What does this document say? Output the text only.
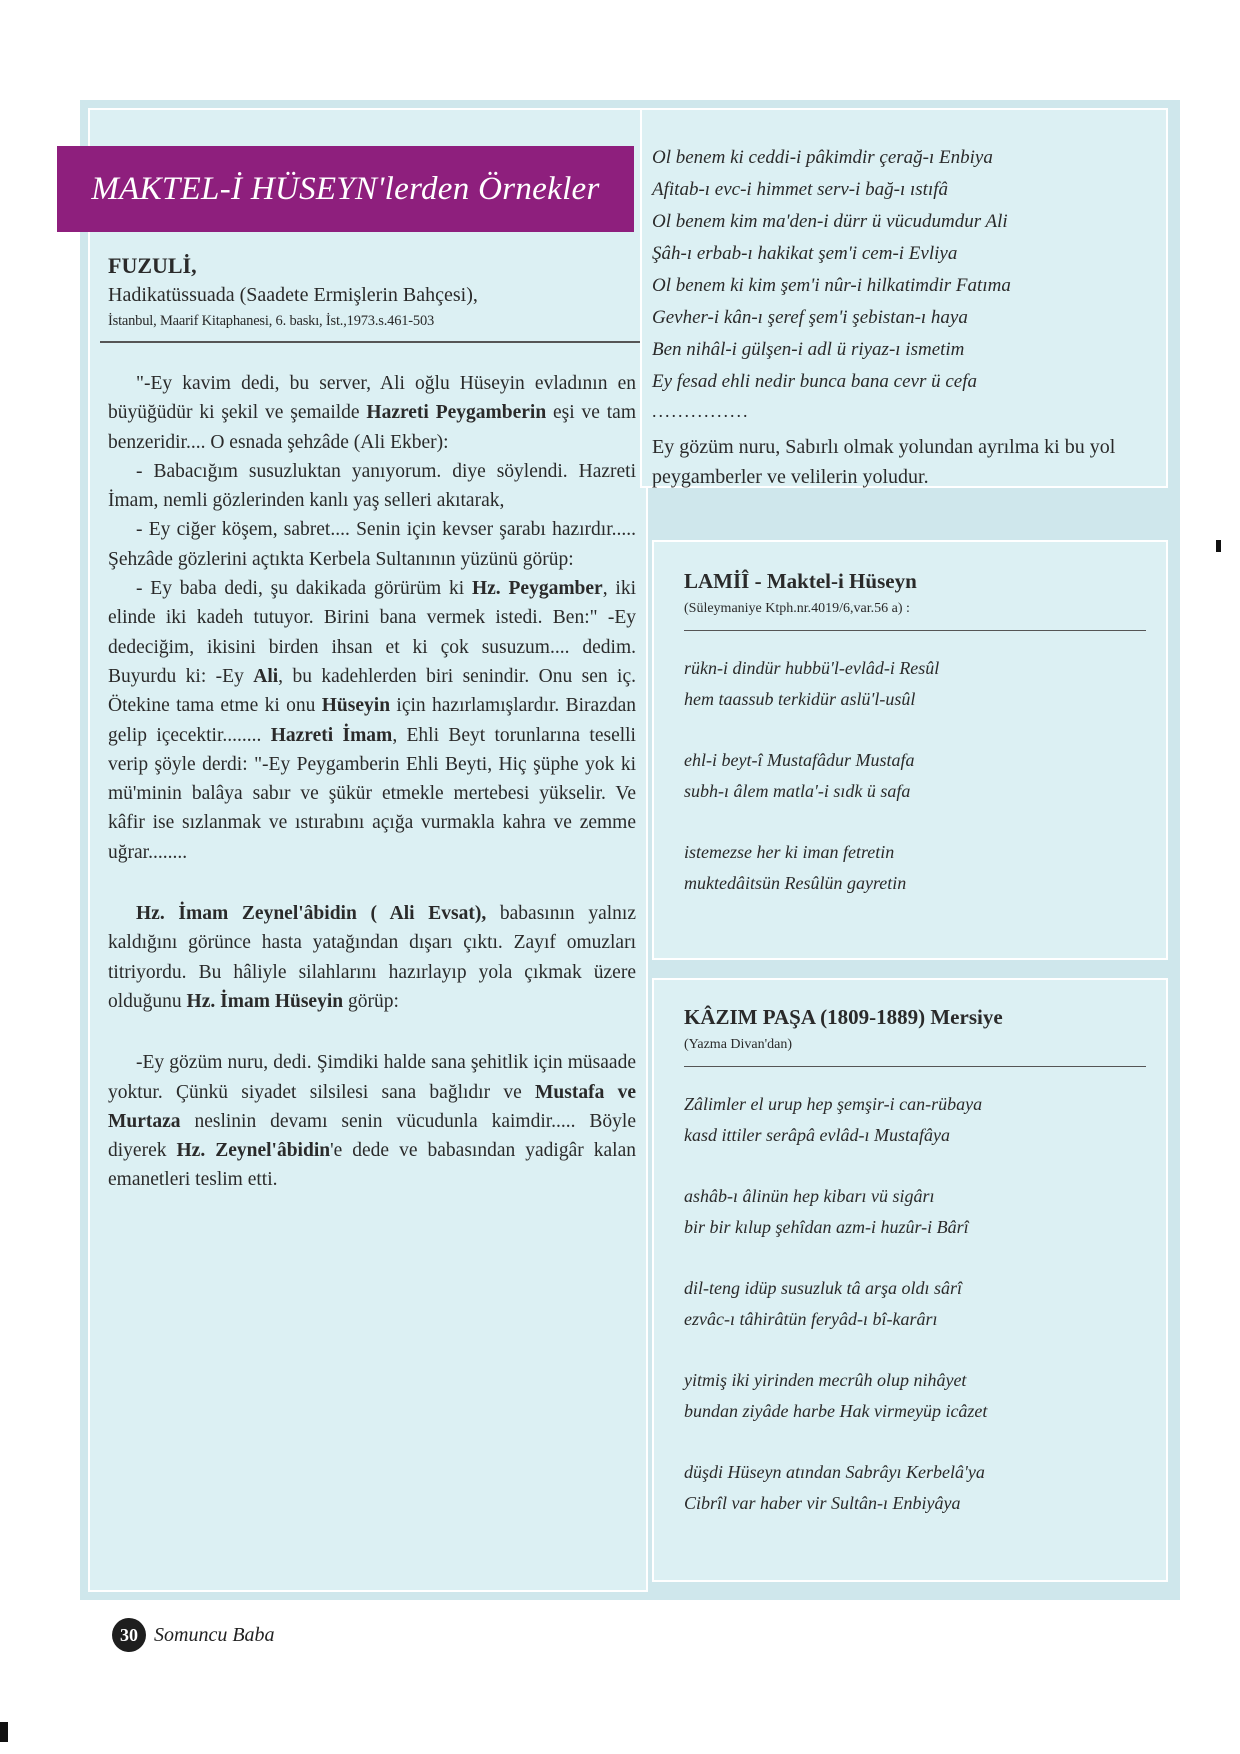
MAKTEL-İ HÜSEYN'lerden Örnekler

FUZULİ,

Hadikatüssuada (Saadete Ermişlerin Bahçesi),

İstanbul, Maarif Kitaphanesi, 6. baskı, İst.,1973.s.461-503

"-Ey kavim dedi, bu server, Ali oğlu Hüseyin evladının en büyüğüdür ki şekil ve şemailde Hazreti Peygamberin eşi ve tam benzeridir.... O esnada şehzâde (Ali Ekber):

- Babacığım susuzluktan yanıyorum. diye söylendi. Hazreti İmam, nemli gözlerinden kanlı yaş selleri akıtarak,

- Ey ciğer köşem, sabret.... Senin için kevser şarabı hazırdır..... Şehzâde gözlerini açtıkta Kerbela Sultanının yüzünü görüp:

- Ey baba dedi, şu dakikada görürüm ki Hz. Peygamber, iki elinde iki kadeh tutuyor. Birini bana vermek istedi. Ben:" -Ey dedeciğim, ikisini birden ihsan et ki çok susuzum.... dedim. Buyurdu ki: -Ey Ali, bu kadehlerden biri senindir. Onu sen iç. Ötekine tama etme ki onu Hüseyin için hazırlamışlardır. Birazdan gelip içecektir........ Hazreti İmam, Ehli Beyt torunlarına teselli verip şöyle derdi: "-Ey Peygamberin Ehli Beyti, Hiç şüphe yok ki mü'minin balâya sabır ve şükür etmekle mertebesi yükselir. Ve kâfir ise sızlanmak ve ıstırabını açığa vurmakla kahra ve zemme uğrar........

Hz. İmam Zeynel'âbidin ( Ali Evsat), babasının yalnız kaldığını görünce hasta yatağından dışarı çıktı. Zayıf omuzları titriyordu. Bu hâliyle silahlarını hazırlayıp yola çıkmak üzere olduğunu Hz. İmam Hüseyin görüp:

-Ey gözüm nuru, dedi. Şimdiki halde sana şehitlik için müsaade yoktur. Çünkü siyadet silsilesi sana bağlıdır ve Mustafa ve Murtaza neslinin devamı senin vücudunla kaimdir..... Böyle diyerek Hz. Zeynel'âbidin'e dede ve babasından yadigâr kalan emanetleri teslim etti.

Ol benem ki ceddi-i pâkimdir çerağ-ı Enbiya

Afitab-ı evc-i himmet serv-i bağ-ı ıstıfâ

Ol benem kim ma'den-i dürr ü vücudumdur Ali

Şâh-ı erbab-ı hakikat şem'i cem-i Evliya

Ol benem ki kim şem'i nûr-i hilkatimdir Fatıma

Gevher-i kân-ı şeref şem'i şebistan-ı haya

Ben nihâl-i gülşen-i adl ü riyaz-ı ismetim

Ey fesad ehli nedir bunca bana cevr ü cefa

...............

Ey gözüm nuru, Sabırlı olmak yolundan ayrılma ki bu yol peygamberler ve velilerin yoludur.

LAMİÎ - Maktel-i Hüseyn

(Süleymaniye Ktph.nr.4019/6,var.56 a) :

rükn-i dindür hubbü'l-evlâd-i Resûl

hem taassub terkidür aslü'l-usûl

ehl-i beyt-î Mustafâdur Mustafa

subh-ı âlem matla'-i sıdk ü safa

istemezse her ki iman fetretin

muktedâitsün Resûlün gayretin

KÂZIM PAŞA (1809-1889) Mersiye

(Yazma Divan'dan)

Zâlimler el urup hep şemşir-i can-rübaya

kasd ittiler serâpâ evlâd-ı Mustafâya

ashâb-ı âlinün hep kibarı vü sigârı

bir bir kılup şehîdan azm-i huzûr-i Bârî

dil-teng idüp susuzluk tâ arşa oldı sârî

ezvâc-ı tâhirâtün feryâd-ı bî-karârı

yitmiş iki yirinden mecrûh olup nihâyet

bundan ziyâde harbe Hak virmeyüp icâzet

düşdi Hüseyn atından Sabrâyı Kerbelâ'ya

Cibrîl var haber vir Sultân-ı Enbiyâya

30 Somuncu Baba
